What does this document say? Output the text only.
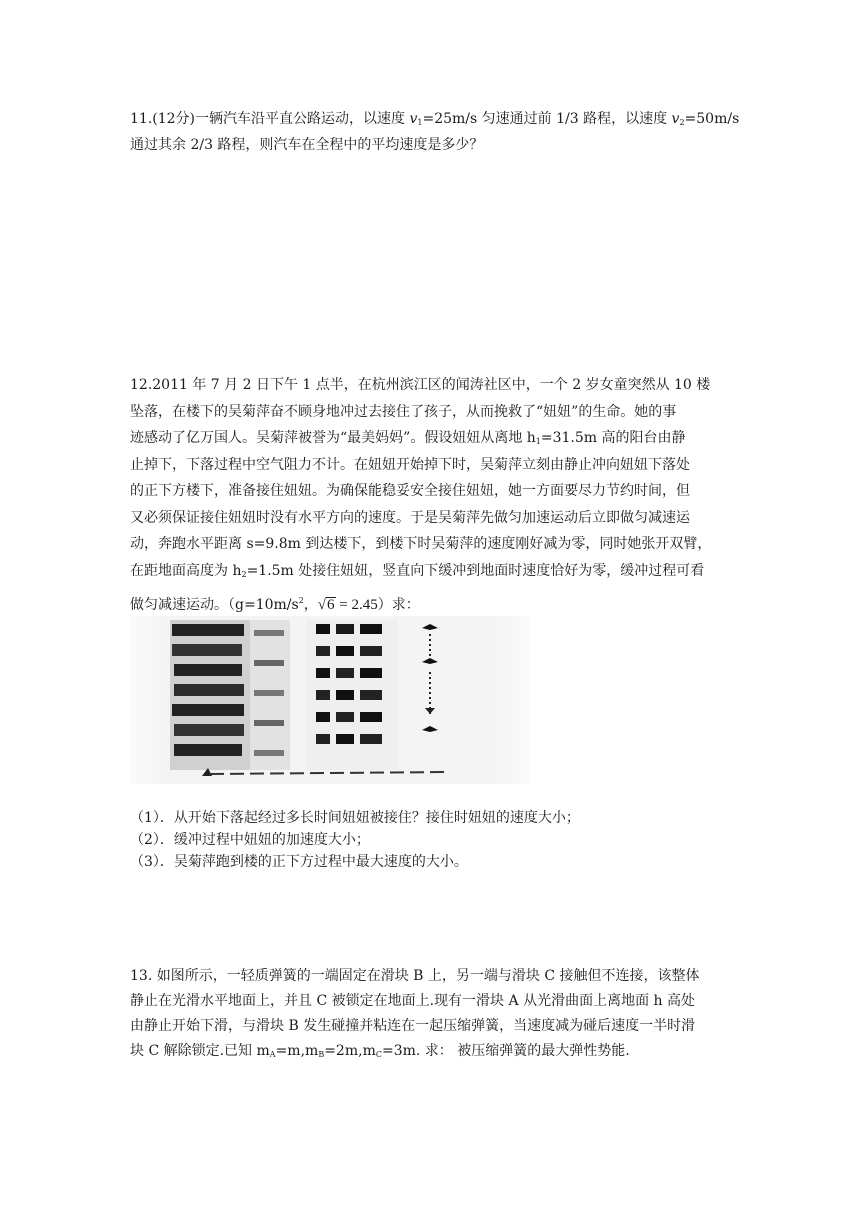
11.(12分)一辆汽车沿平直公路运动，以速度 $v_1=25m/s$ 匀速通过前 1/3 路程，以速度 $v_2=50m/s$
通过其余 2/3 路程，则汽车在全程中的平均速度是多少？
12.2011 年 7 月 2 日下午 1 点半，在杭州滨江区的闻涛社区中，一个 2 岁女童突然从 10 楼
坠落，在楼下的吴菊萍奋不顾身地冲过去接住了孩子，从而挽救了“妞妞”的生命。她的事
迹感动了亿万国人。吴菊萍被誉为“最美妈妈”。假设妞妞从离地 $h_1=31.5m$ 高的阳台由静
止掉下，下落过程中空气阻力不计。在妞妞开始掉下时，吴菊萍立刻由静止冲向妞妞下落处
的正下方楼下，准备接住妞妞。为确保能稳妥安全接住妞妞，她一方面要尽力节约时间，但
又必须保证接住妞妞时没有水平方向的速度。于是吴菊萍先做匀加速运动后立即做匀减速运
动，奔跑水平距离 s=9.8m 到达楼下，到楼下时吴菊萍的速度刚好减为零，同时她张开双臂，
在距地面高度为 $h_2=1.5m$ 处接住妞妞，竖直向下缓冲到地面时速度恰好为零，缓冲过程可看
做匀减速运动。（$g=10m/s^2$，√6 = 2.45）求：
（1）．从开始下落起经过多长时间妞妞被接住？接住时妞妞的速度大小；
（2）．缓冲过程中妞妞的加速度大小；
（3）．吴菊萍跑到楼的正下方过程中最大速度的大小。
13. 如图所示，一轻质弹簧的一端固定在滑块 B 上，另一端与滑块 C 接触但不连接，该整体
静止在光滑水平地面上，并且 C 被锁定在地面上.现有一滑块 A 从光滑曲面上离地面 h 高处
由静止开始下滑，与滑块 B 发生碰撞并粘连在一起压缩弹簧，当速度减为碰后速度一半时滑
块 C 解除锁定.已知 $m_A=m,m_B=2m,m_C=3m$. 求： 被压缩弹簧的最大弹性势能.
